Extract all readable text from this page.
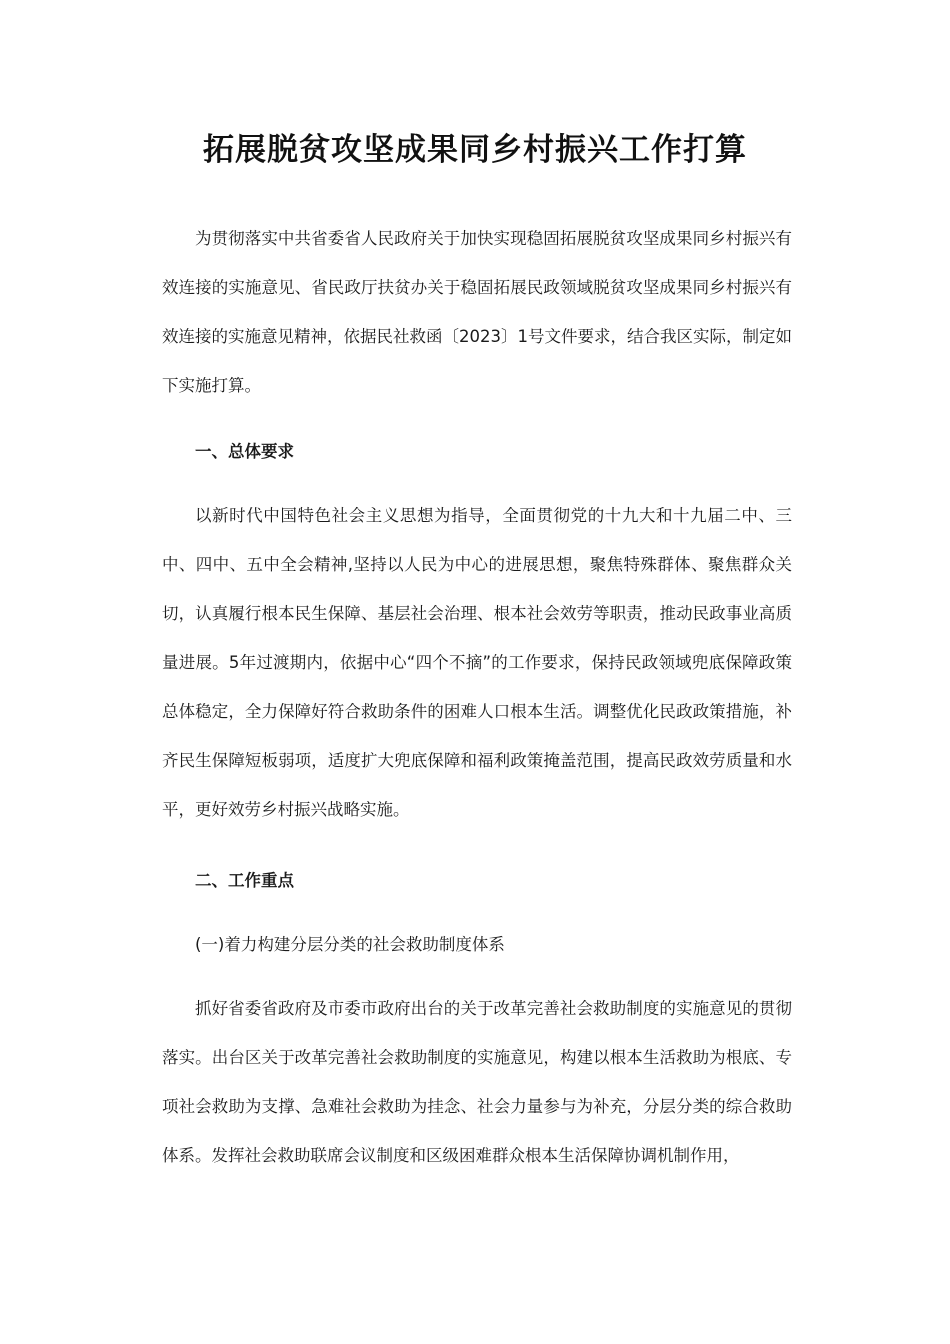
拓展脱贫攻坚成果同乡村振兴工作打算

为贯彻落实中共省委省人民政府关于加快实现稳固拓展脱贫攻坚成果同乡村振兴有效连接的实施意见、省民政厅扶贫办关于稳固拓展民政领域脱贫攻坚成果同乡村振兴有效连接的实施意见精神，依据民社救函〔2023〕1号文件要求，结合我区实际，制定如下实施打算。

一、总体要求

以新时代中国特色社会主义思想为指导，全面贯彻党的十九大和十九届二中、三中、四中、五中全会精神,坚持以人民为中心的进展思想，聚焦特殊群体、聚焦群众关切，认真履行根本民生保障、基层社会治理、根本社会效劳等职责，推动民政事业高质量进展。5年过渡期内，依据中心“四个不摘”的工作要求，保持民政领域兜底保障政策总体稳定，全力保障好符合救助条件的困难人口根本生活。调整优化民政政策措施，补齐民生保障短板弱项，适度扩大兜底保障和福利政策掩盖范围，提高民政效劳质量和水平，更好效劳乡村振兴战略实施。

二、工作重点

(一)着力构建分层分类的社会救助制度体系

抓好省委省政府及市委市政府出台的关于改革完善社会救助制度的实施意见的贯彻落实。出台区关于改革完善社会救助制度的实施意见，构建以根本生活救助为根底、专项社会救助为支撑、急难社会救助为挂念、社会力量参与为补充，分层分类的综合救助体系。发挥社会救助联席会议制度和区级困难群众根本生活保障协调机制作用，
